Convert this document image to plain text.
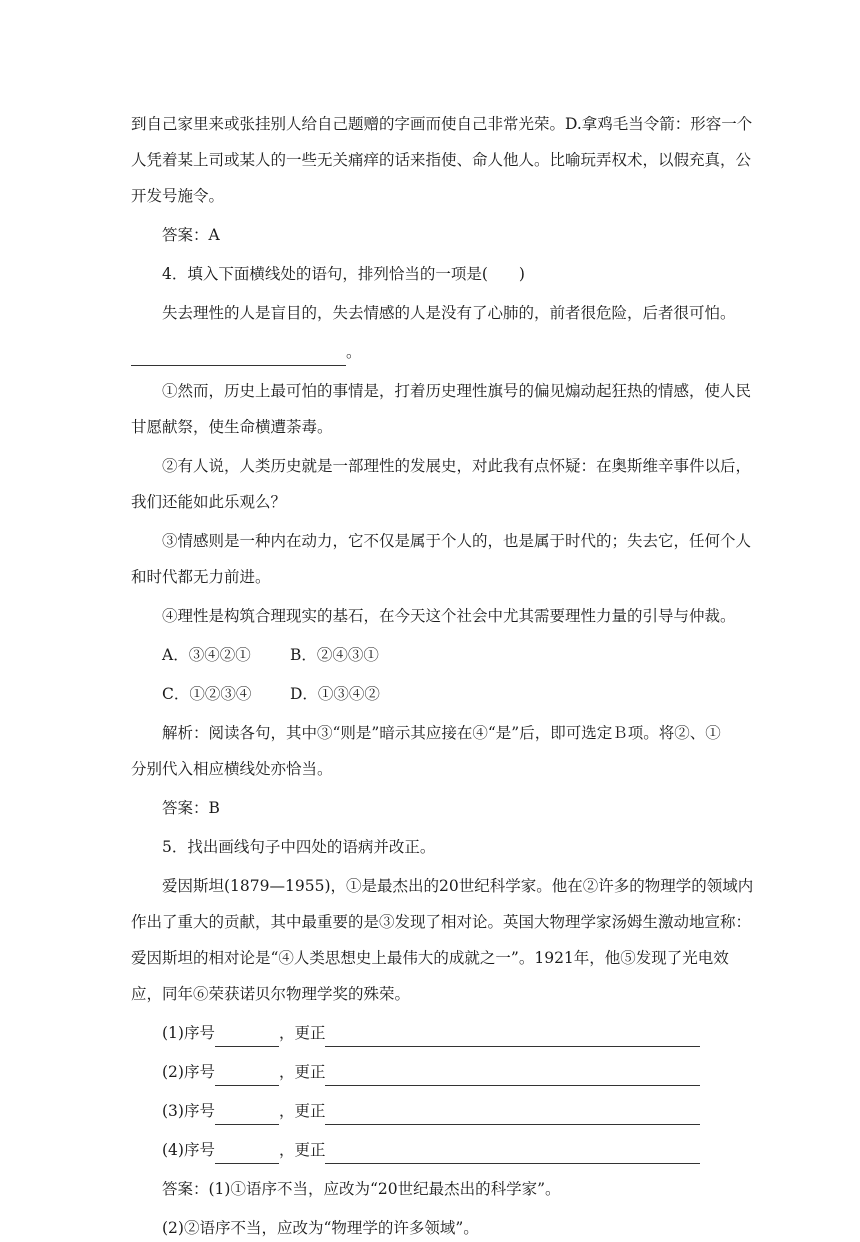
到自己家里来或张挂别人给自己题赠的字画而使自己非常光荣。D.拿鸡毛当令箭：形容一个

人凭着某上司或某人的一些无关痛痒的话来指使、命人他人。比喻玩弄权术，以假充真，公

开发号施令。

答案：A

4．填入下面横线处的语句，排列恰当的一项是(　　)

失去理性的人是盲目的，失去情感的人是没有了心肺的，前者很危险，后者很可怕。

。

①然而，历史上最可怕的事情是，打着历史理性旗号的偏见煽动起狂热的情感，使人民

甘愿献祭，使生命横遭荼毒。

②有人说，人类历史就是一部理性的发展史，对此我有点怀疑：在奥斯维辛事件以后，

我们还能如此乐观么？

③情感则是一种内在动力，它不仅是属于个人的，也是属于时代的；失去它，任何个人

和时代都无力前进。

④理性是构筑合理现实的基石，在今天这个社会中尤其需要理性力量的引导与仲裁。

A．③④②①	B．②④③①
C．①②③④	D．①③④②

解析：阅读各句，其中③“则是”暗示其应接在④“是”后，即可选定Ｂ项。将②、①

分别代入相应横线处亦恰当。

答案：B

5．找出画线句子中四处的语病并改正。

爱因斯坦(1879—1955)，①是最杰出的20世纪科学家。他在②许多的物理学的领域内

作出了重大的贡献，其中最重要的是③发现了相对论。英国大物理学家汤姆生激动地宣称：

爱因斯坦的相对论是“④人类思想史上最伟大的成就之一”。1921年，他⑤发现了光电效

应，同年⑥荣获诺贝尔物理学奖的殊荣。

(1)序号	，更正
(2)序号	，更正
(3)序号	，更正
(4)序号	，更正

答案：(1)①语序不当，应改为“20世纪最杰出的科学家”。

(2)②语序不当，应改为“物理学的许多领域”。
